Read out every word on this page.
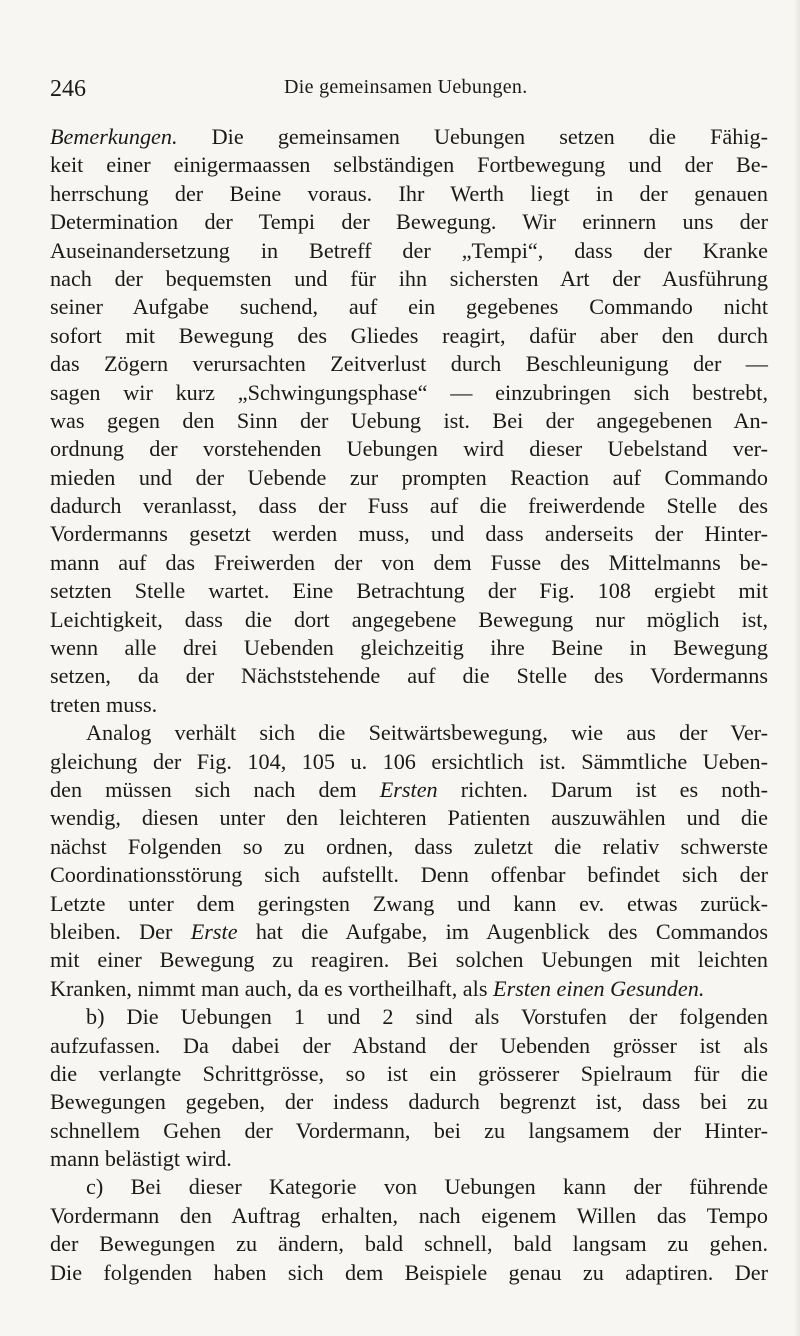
246	Die gemeinsamen Uebungen.
Bemerkungen. Die gemeinsamen Uebungen setzen die Fähig-
keit einer einigermaassen selbständigen Fortbewegung und der Be-
herrschung der Beine voraus. Ihr Werth liegt in der genauen
Determination der Tempi der Bewegung. Wir erinnern uns der
Auseinandersetzung in Betreff der „Tempi“, dass der Kranke
nach der bequemsten und für ihn sichersten Art der Ausführung
seiner Aufgabe suchend, auf ein gegebenes Commando nicht
sofort mit Bewegung des Gliedes reagirt, dafür aber den durch
das Zögern verursachten Zeitverlust durch Beschleunigung der —
sagen wir kurz „Schwingungsphase“ — einzubringen sich bestrebt,
was gegen den Sinn der Uebung ist. Bei der angegebenen An-
ordnung der vorstehenden Uebungen wird dieser Uebelstand ver-
mieden und der Uebende zur prompten Reaction auf Commando
dadurch veranlasst, dass der Fuss auf die freiwerdende Stelle des
Vordermanns gesetzt werden muss, und dass anderseits der Hinter-
mann auf das Freiwerden der von dem Fusse des Mittelmanns be-
setzten Stelle wartet. Eine Betrachtung der Fig. 108 ergiebt mit
Leichtigkeit, dass die dort angegebene Bewegung nur möglich ist,
wenn alle drei Uebenden gleichzeitig ihre Beine in Bewegung
setzen, da der Nächststehende auf die Stelle des Vordermanns
treten muss.
Analog verhält sich die Seitwärtsbewegung, wie aus der Ver-
gleichung der Fig. 104, 105 u. 106 ersichtlich ist. Sämmtliche Ueben-
den müssen sich nach dem Ersten richten. Darum ist es noth-
wendig, diesen unter den leichteren Patienten auszuwählen und die
nächst Folgenden so zu ordnen, dass zuletzt die relativ schwerste
Coordinationsstörung sich aufstellt. Denn offenbar befindet sich der
Letzte unter dem geringsten Zwang und kann ev. etwas zurück-
bleiben. Der Erste hat die Aufgabe, im Augenblick des Commandos
mit einer Bewegung zu reagiren. Bei solchen Uebungen mit leichten
Kranken, nimmt man auch, da es vortheilhaft, als Ersten einen Gesunden.
b) Die Uebungen 1 und 2 sind als Vorstufen der folgenden
aufzufassen. Da dabei der Abstand der Uebenden grösser ist als
die verlangte Schrittgrösse, so ist ein grösserer Spielraum für die
Bewegungen gegeben, der indess dadurch begrenzt ist, dass bei zu
schnellem Gehen der Vordermann, bei zu langsamem der Hinter-
mann belästigt wird.
c) Bei dieser Kategorie von Uebungen kann der führende
Vordermann den Auftrag erhalten, nach eigenem Willen das Tempo
der Bewegungen zu ändern, bald schnell, bald langsam zu gehen.
Die folgenden haben sich dem Beispiele genau zu adaptiren. Der
